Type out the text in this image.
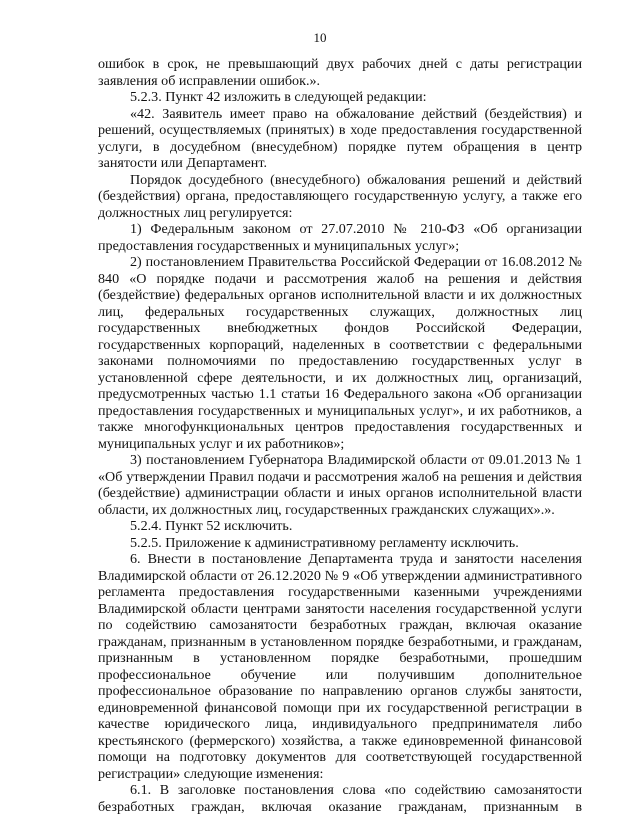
10

ошибок в срок, не превышающий двух рабочих дней с даты регистрации заявления об исправлении ошибок.».

5.2.3. Пункт 42 изложить в следующей редакции:

«42. Заявитель имеет право на обжалование действий (бездействия) и решений, осуществляемых (принятых) в ходе предоставления государственной услуги, в досудебном (внесудебном) порядке путем обращения в центр занятости или Департамент.

Порядок досудебного (внесудебного) обжалования решений и действий (бездействия) органа, предоставляющего государственную услугу, а также его должностных лиц регулируется:

1) Федеральным законом от 27.07.2010 № 210-ФЗ «Об организации предоставления государственных и муниципальных услуг»;

2) постановлением Правительства Российской Федерации от 16.08.2012 № 840 «О порядке подачи и рассмотрения жалоб на решения и действия (бездействие) федеральных органов исполнительной власти и их должностных лиц, федеральных государственных служащих, должностных лиц государственных внебюджетных фондов Российской Федерации, государственных корпораций, наделенных в соответствии с федеральными законами полномочиями по предоставлению государственных услуг в установленной сфере деятельности, и их должностных лиц, организаций, предусмотренных частью 1.1 статьи 16 Федерального закона «Об организации предоставления государственных и муниципальных услуг», и их работников, а также многофункциональных центров предоставления государственных и муниципальных услуг и их работников»;

3) постановлением Губернатора Владимирской области от 09.01.2013 № 1 «Об утверждении Правил подачи и рассмотрения жалоб на решения и действия (бездействие) администрации области и иных органов исполнительной власти области, их должностных лиц, государственных гражданских служащих».».

5.2.4. Пункт 52 исключить.

5.2.5. Приложение к административному регламенту исключить.

6. Внести в постановление Департамента труда и занятости населения Владимирской области от 26.12.2020 № 9 «Об утверждении административного регламента предоставления государственными казенными учреждениями Владимирской области центрами занятости населения государственной услуги по содействию самозанятости безработных граждан, включая оказание гражданам, признанным в установленном порядке безработными, и гражданам, признанным в установленном порядке безработными, прошедшим профессиональное обучение или получившим дополнительное профессиональное образование по направлению органов службы занятости, единовременной финансовой помощи при их государственной регистрации в качестве юридического лица, индивидуального предпринимателя либо крестьянского (фермерского) хозяйства, а также единовременной финансовой помощи на подготовку документов для соответствующей государственной регистрации» следующие изменения:

6.1. В заголовке постановления слова «по содействию самозанятости безработных граждан, включая оказание гражданам, признанным в
